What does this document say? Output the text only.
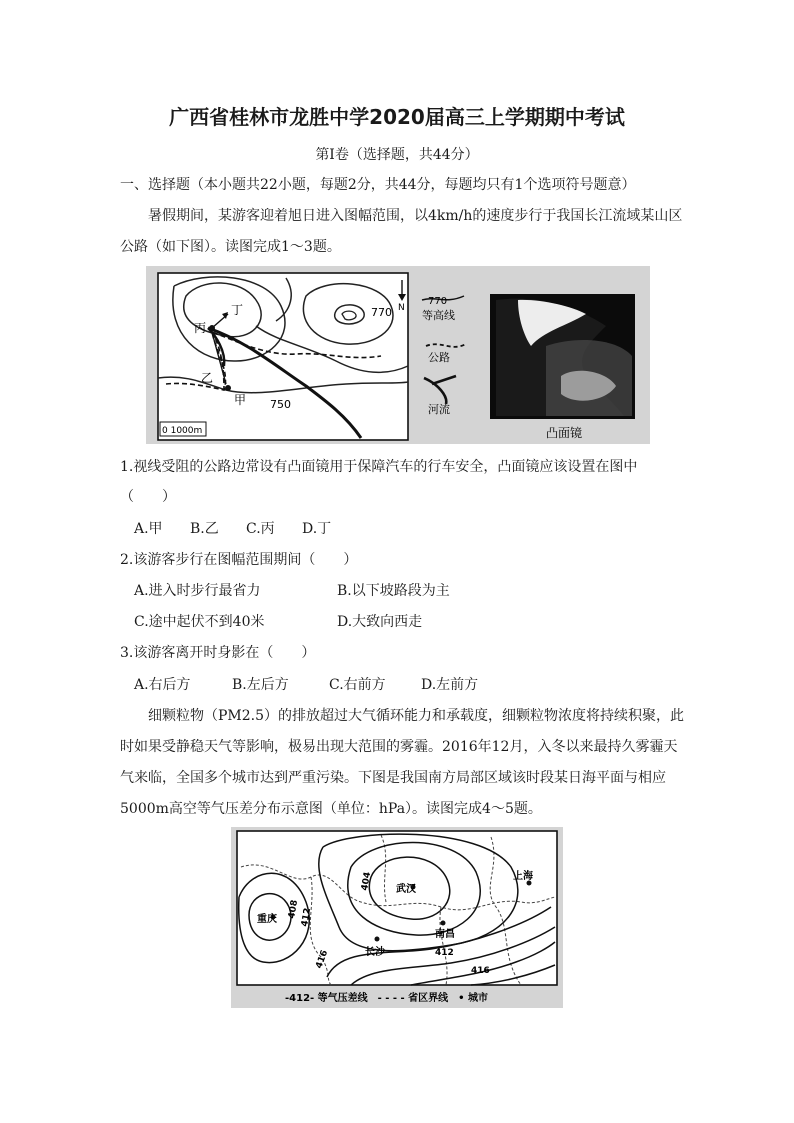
广西省桂林市龙胜中学2020届高三上学期期中考试
第Ⅰ卷（选择题，共44分）
一、选择题（本小题共22小题，每题2分，共44分，每题均只有1个选项符号题意）
暑假期间，某游客迎着旭日进入图幅范围，以4km/h的速度步行于我国长江流域某山区
公路（如下图）。读图完成1～3题。
770
750
乙
甲
丙
丁	N
0 1000m
770
等高线
公路
河流
凸面镜
1.视线受阻的公路边常设有凸面镜用于保障汽车的行车安全，凸面镜应该设置在图中
（　　）
A.甲 B.乙 C.丙 D.丁
2.该游客步行在图幅范围期间（　　）
A.进入时步行最省力	B.以下坡路段为主
C.途中起伏不到40米	D.大致向西走
3.该游客离开时身影在（　　）
A.右后方	B.左后方	C.右前方	D.左前方
细颗粒物（PM2.5）的排放超过大气循环能力和承载度，细颗粒物浓度将持续积聚，此
时如果受静稳天气等影响，极易出现大范围的雾霾。2016年12月，入冬以来最持久雾霾天
气来临，全国多个城市达到严重污染。下图是我国南方局部区域该时段某日海平面与相应
5000m高空等气压差分布示意图（单位：hPa）。读图完成4～5题。
重庆
武汉
上海
南昌
长沙
404
408 412
412
416
416
-412- 等气压差线　- - - - 省区界线　• 城市
